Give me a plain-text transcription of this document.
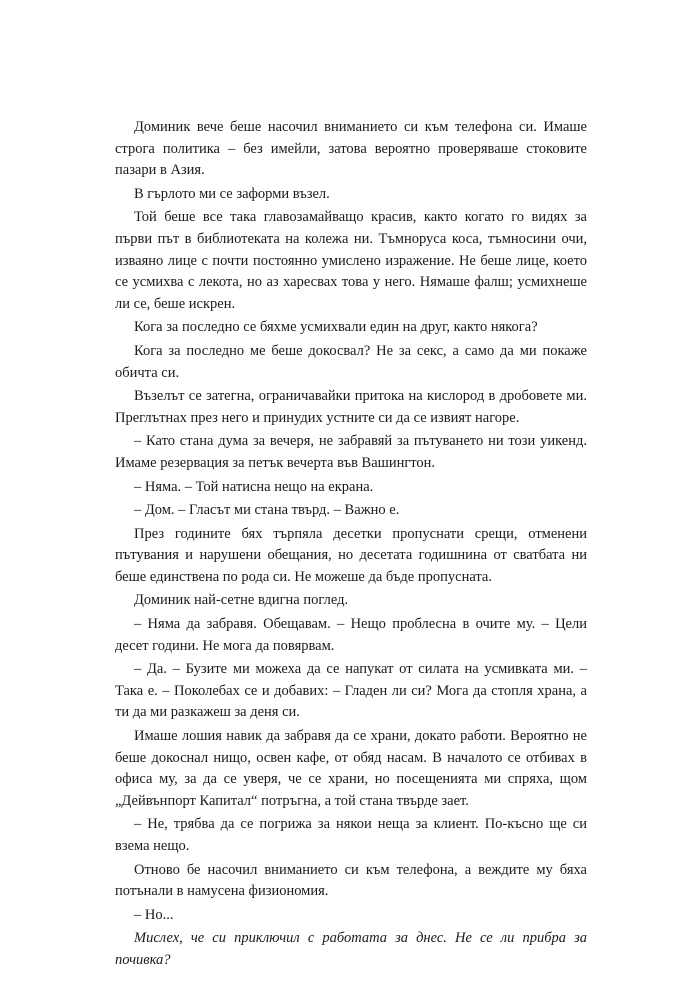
Доминик вече беше насочил вниманието си към телефона си. Имаше строга политика – без имейли, затова вероятно проверяваше стоковите пазари в Азия.

В гърлото ми се заформи възел.

Той беше все така главозамайващо красив, както когато го видях за първи път в библиотеката на колежа ни. Тъмноруса коса, тъмносини очи, изваяно лице с почти постоянно умислено изражение. Не беше лице, което се усмихва с лекота, но аз харесвах това у него. Нямаше фалш; усмихнеше ли се, беше искрен.

Кога за последно се бяхме усмихвали един на друг, както някога?

Кога за последно ме беше докосвал? Не за секс, а само да ми покаже обичта си.

Възелът се затегна, ограничавайки притока на кислород в дробовете ми. Преглътнах през него и принудих устните си да се извият нагоре.

– Като стана дума за вечеря, не забравяй за пътуването ни този уикенд. Имаме резервация за петък вечерта във Вашингтон.

– Няма. – Той натисна нещо на екрана.

– Дом. – Гласът ми стана твърд. – Важно е.

През годините бях търпяла десетки пропуснати срещи, отменени пътувания и нарушени обещания, но десетата годишнина от сватбата ни беше единствена по рода си. Не можеше да бъде пропусната.

Доминик най-сетне вдигна поглед.

– Няма да забравя. Обещавам. – Нещо проблесна в очите му. – Цели десет години. Не мога да повярвам.

– Да. – Бузите ми можеха да се напукат от силата на усмивката ми. – Така е. – Поколебах се и добавих: – Гладен ли си? Мога да стопля храна, а ти да ми разкажеш за деня си.

Имаше лошия навик да забравя да се храни, докато работи. Вероятно не беше докоснал нищо, освен кафе, от обяд насам. В началото се отбивах в офиса му, за да се уверя, че се храни, но посещенията ми спряха, щом „Дейвънпорт Капитал“ потръгна, а той стана твърде зает.

– Не, трябва да се погрижа за някои неща за клиент. По-късно ще си взема нещо.

Отново бе насочил вниманието си към телефона, а веждите му бяха потънали в намусена физиономия.

– Но...

Мислех, че си приключил с работата за днес. Не се ли прибра за почивка?
